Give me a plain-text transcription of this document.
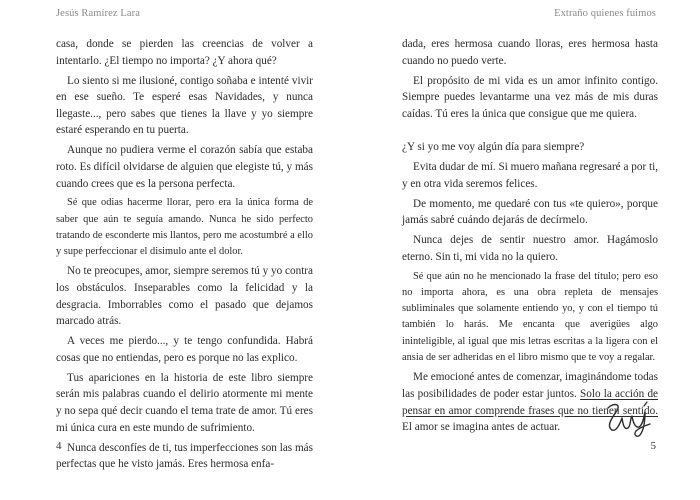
Jesús Ramírez Lara

casa, donde se pierden las creencias de volver a intentarlo. ¿El tiempo no importa? ¿Y ahora qué?

Lo siento si me ilusioné, contigo soñaba e intenté vivir en ese sueño. Te esperé esas Navidades, y nunca llegaste..., pero sabes que tienes la llave y yo siempre estaré esperando en tu puerta.

Aunque no pudiera verme el corazón sabía que estaba roto. Es difícil olvidarse de alguien que elegiste tú, y más cuando crees que es la persona perfecta.

Sé que odias hacerme llorar, pero era la única forma de saber que aún te seguía amando. Nunca he sido perfecto tratando de esconderte mis llantos, pero me acostumbré a ello y supe perfeccionar el disimulo ante el dolor.

No te preocupes, amor, siempre seremos tú y yo contra los obstáculos. Inseparables como la felicidad y la desgracia. Imborrables como el pasado que dejamos marcado atrás.

A veces me pierdo..., y te tengo confundida. Habrá cosas que no entiendas, pero es porque no las explico.

Tus apariciones en la historia de este libro siempre serán mis palabras cuando el delirio atormente mi mente y no sepa qué decir cuando el tema trate de amor. Tú eres mi única cura en este mundo de sufrimiento.

Nunca desconfíes de ti, tus imperfecciones son las más perfectas que he visto jamás. Eres hermosa enfa-

4
Extraño quienes fuimos

dada, eres hermosa cuando lloras, eres hermosa hasta cuando no puedo verte.

El propósito de mi vida es un amor infinito contigo. Siempre puedes levantarme una vez más de mis duras caídas. Tú eres la única que consigue que me quiera.

¿Y si yo me voy algún día para siempre?

Evita dudar de mí. Si muero mañana regresaré a por ti, y en otra vida seremos felices.

De momento, me quedaré con tus «te quiero», porque jamás sabré cuándo dejarás de decírmelo.

Nunca dejes de sentir nuestro amor. Hagámoslo eterno. Sin ti, mi vida no la quiero.

Sé que aún no he mencionado la frase del título; pero eso no importa ahora, es una obra repleta de mensajes subliminales que solamente entiendo yo, y con el tiempo tú también lo harás. Me encanta que averigües algo ininteligible, al igual que mis letras escritas a la ligera con el ansia de ser adheridas en el libro mismo que te voy a regalar.

Me emocioné antes de comenzar, imaginándome todas las posibilidades de poder estar juntos. Solo la acción de pensar en amor comprende frases que no tienen sentido. El amor se imagina antes de actuar.

5
